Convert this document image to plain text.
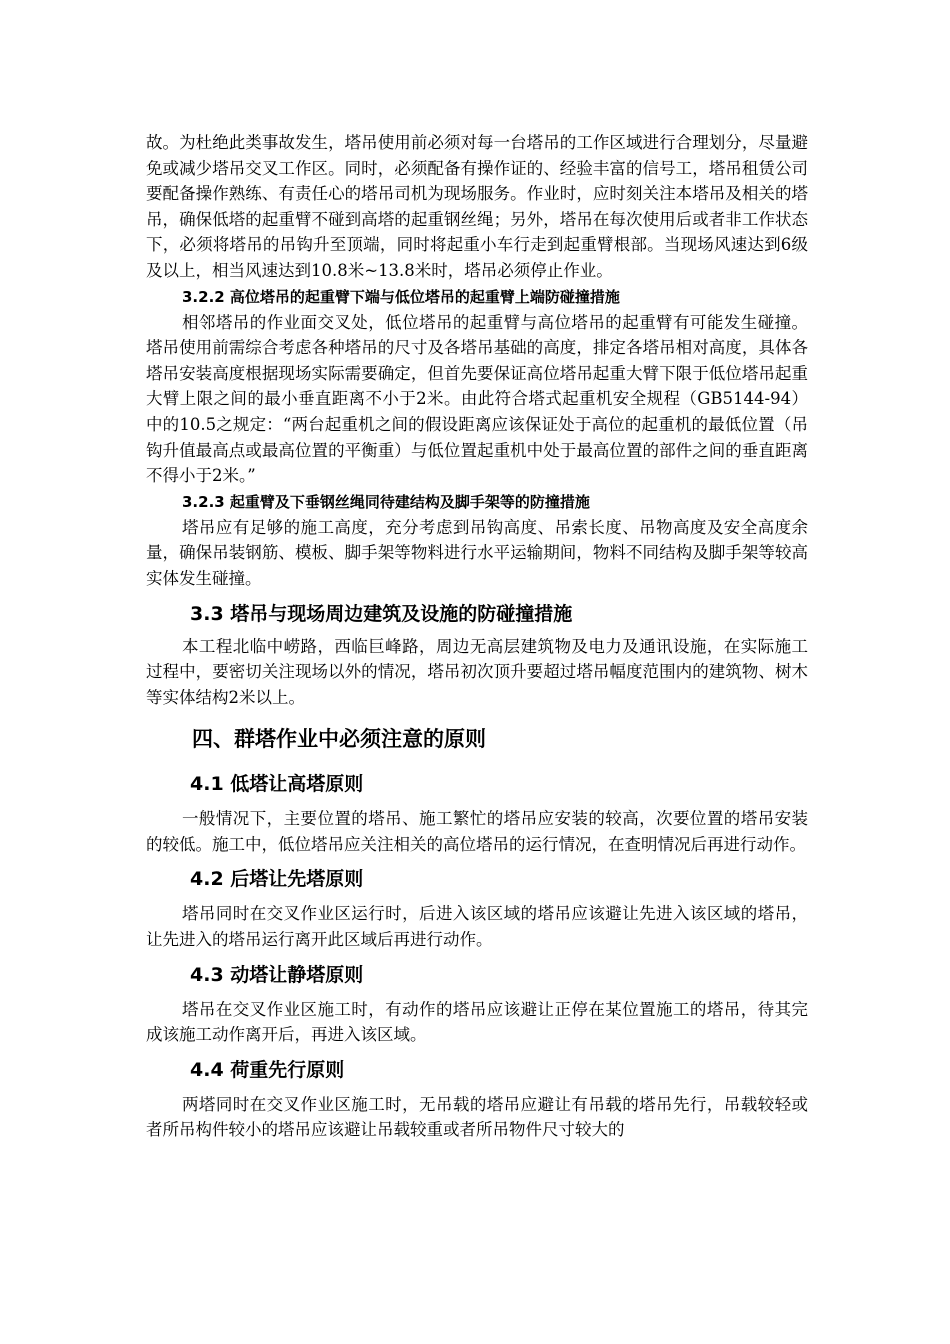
故。为杜绝此类事故发生，塔吊使用前必须对每一台塔吊的工作区域进行合理划分，尽量避免或减少塔吊交叉工作区。同时，必须配备有操作证的、经验丰富的信号工，塔吊租赁公司要配备操作熟练、有责任心的塔吊司机为现场服务。作业时，应时刻关注本塔吊及相关的塔吊，确保低塔的起重臂不碰到高塔的起重钢丝绳；另外，塔吊在每次使用后或者非工作状态下，必须将塔吊的吊钩升至顶端，同时将起重小车行走到起重臂根部。当现场风速达到6级及以上，相当风速达到10.8米~13.8米时，塔吊必须停止作业。

3.2.2 高位塔吊的起重臂下端与低位塔吊的起重臂上端防碰撞措施

相邻塔吊的作业面交叉处，低位塔吊的起重臂与高位塔吊的起重臂有可能发生碰撞。塔吊使用前需综合考虑各种塔吊的尺寸及各塔吊基础的高度，排定各塔吊相对高度，具体各塔吊安装高度根据现场实际需要确定，但首先要保证高位塔吊起重大臂下限于低位塔吊起重大臂上限之间的最小垂直距离不小于2米。由此符合塔式起重机安全规程（GB5144-94）中的10.5之规定：“两台起重机之间的假设距离应该保证处于高位的起重机的最低位置（吊钩升值最高点或最高位置的平衡重）与低位置起重机中处于最高位置的部件之间的垂直距离不得小于2米。”

3.2.3 起重臂及下垂钢丝绳同待建结构及脚手架等的防撞措施

塔吊应有足够的施工高度，充分考虑到吊钩高度、吊索长度、吊物高度及安全高度余量，确保吊装钢筋、模板、脚手架等物料进行水平运输期间，物料不同结构及脚手架等较高实体发生碰撞。

3.3 塔吊与现场周边建筑及设施的防碰撞措施

本工程北临中崂路，西临巨峰路，周边无高层建筑物及电力及通讯设施，在实际施工过程中，要密切关注现场以外的情况，塔吊初次顶升要超过塔吊幅度范围内的建筑物、树木等实体结构2米以上。

四、群塔作业中必须注意的原则
4.1 低塔让高塔原则

一般情况下，主要位置的塔吊、施工繁忙的塔吊应安装的较高，次要位置的塔吊安装的较低。施工中，低位塔吊应关注相关的高位塔吊的运行情况，在查明情况后再进行动作。

4.2 后塔让先塔原则

塔吊同时在交叉作业区运行时，后进入该区域的塔吊应该避让先进入该区域的塔吊，让先进入的塔吊运行离开此区域后再进行动作。

4.3 动塔让静塔原则

塔吊在交叉作业区施工时，有动作的塔吊应该避让正停在某位置施工的塔吊，待其完成该施工动作离开后，再进入该区域。

4.4 荷重先行原则

两塔同时在交叉作业区施工时，无吊载的塔吊应避让有吊载的塔吊先行，吊载较轻或者所吊构件较小的塔吊应该避让吊载较重或者所吊物件尺寸较大的
